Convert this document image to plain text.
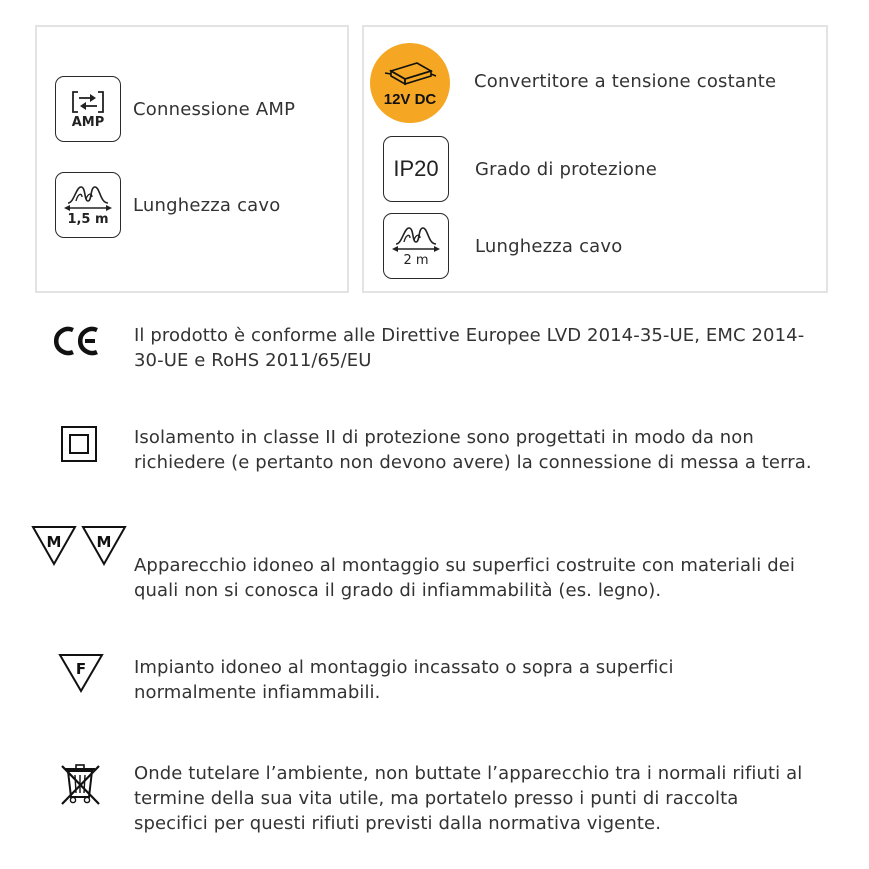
AMP
Connessione AMP
1,5 m
Lunghezza cavo
12V DC
Convertitore a tensione costante
IP20 Grado di protezione
2 m
Lunghezza cavo
Il prodotto è conforme alle Direttive Europee LVD 2014-35-UE, EMC 2014-30-UE e RoHS 2011/65/EU
Isolamento in classe II di protezione sono progettati in modo da non richiedere (e pertanto non devono avere) la connessione di messa a terra.
M M
Apparecchio idoneo al montaggio su superfici costruite con materiali dei quali non si conosca il grado di infiammabilità (es. legno).
F	Impianto idoneo al montaggio incassato o sopra a superfici normalmente infiammabili.
Onde tutelare l’ambiente, non buttate l’apparecchio tra i normali rifiuti al termine della sua vita utile, ma portatelo presso i punti di raccolta specifici per questi rifiuti previsti dalla normativa vigente.
